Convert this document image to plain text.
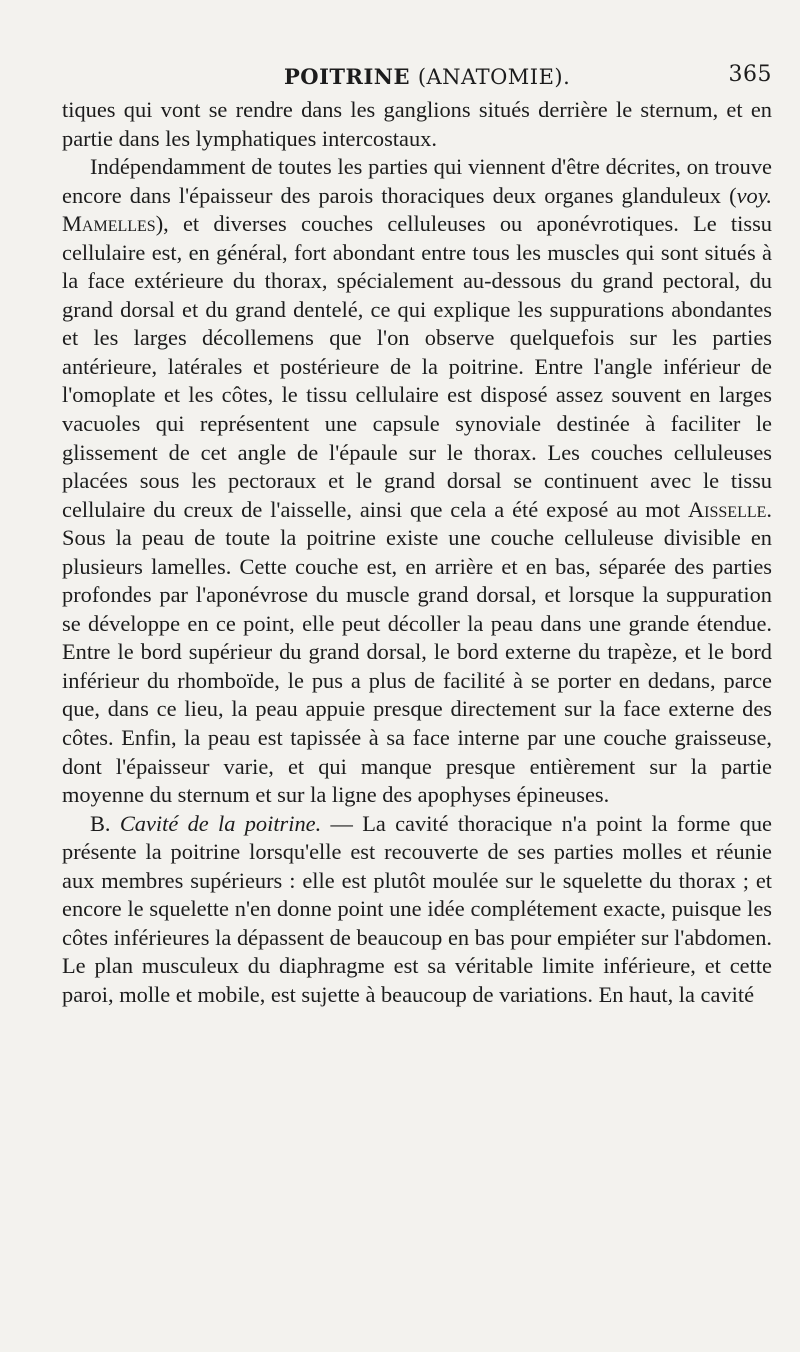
POITRINE (ANATOMIE).	365

tiques qui vont se rendre dans les ganglions situés derrière le sternum, et en partie dans les lymphatiques intercostaux.

Indépendamment de toutes les parties qui viennent d'être décrites, on trouve encore dans l'épaisseur des parois thoraciques deux organes glanduleux (voy. Mamelles), et diverses couches celluleuses ou aponévrotiques. Le tissu cellulaire est, en général, fort abondant entre tous les muscles qui sont situés à la face extérieure du thorax, spécialement au-dessous du grand pectoral, du grand dorsal et du grand dentelé, ce qui explique les suppurations abondantes et les larges décollemens que l'on observe quelquefois sur les parties antérieure, latérales et postérieure de la poitrine. Entre l'angle inférieur de l'omoplate et les côtes, le tissu cellulaire est disposé assez souvent en larges vacuoles qui représentent une capsule synoviale destinée à faciliter le glissement de cet angle de l'épaule sur le thorax. Les couches celluleuses placées sous les pectoraux et le grand dorsal se continuent avec le tissu cellulaire du creux de l'aisselle, ainsi que cela a été exposé au mot Aisselle. Sous la peau de toute la poitrine existe une couche celluleuse divisible en plusieurs lamelles. Cette couche est, en arrière et en bas, séparée des parties profondes par l'aponévrose du muscle grand dorsal, et lorsque la suppuration se développe en ce point, elle peut décoller la peau dans une grande étendue. Entre le bord supérieur du grand dorsal, le bord externe du trapèze, et le bord inférieur du rhomboïde, le pus a plus de facilité à se porter en dedans, parce que, dans ce lieu, la peau appuie presque directement sur la face externe des côtes. Enfin, la peau est tapissée à sa face interne par une couche graisseuse, dont l'épaisseur varie, et qui manque presque entièrement sur la partie moyenne du sternum et sur la ligne des apophyses épineuses.

B. Cavité de la poitrine. — La cavité thoracique n'a point la forme que présente la poitrine lorsqu'elle est recouverte de ses parties molles et réunie aux membres supérieurs : elle est plutôt moulée sur le squelette du thorax ; et encore le squelette n'en donne point une idée complétement exacte, puisque les côtes inférieures la dépassent de beaucoup en bas pour empiéter sur l'abdomen. Le plan musculeux du diaphragme est sa véritable limite inférieure, et cette paroi, molle et mobile, est sujette à beaucoup de variations. En haut, la cavité
